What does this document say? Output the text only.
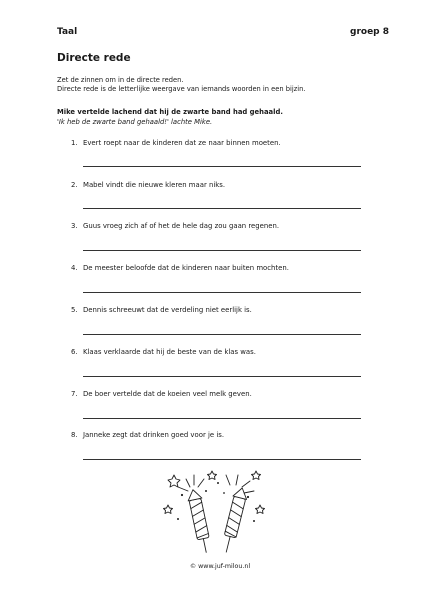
Taal	groep 8
Directe rede
Zet de zinnen om in de directe reden.
Directe rede is de letterlijke weergave van iemands woorden in een bijzin.
Mike vertelde lachend dat hij de zwarte band had gehaald.
'Ik heb de zwarte band gehaald!' lachte Mike.
1. Evert roept naar de kinderen dat ze naar binnen moeten.
2. Mabel vindt die nieuwe kleren maar niks.
3. Guus vroeg zich af of het de hele dag zou gaan regenen.
4. De meester beloofde dat de kinderen naar buiten mochten.
5. Dennis schreeuwt dat de verdeling niet eerlijk is.
6. Klaas verklaarde dat hij de beste van de klas was.
7. De boer vertelde dat de koeien veel melk geven.
8. Janneke zegt dat drinken goed voor je is.
© www.juf-milou.nl
